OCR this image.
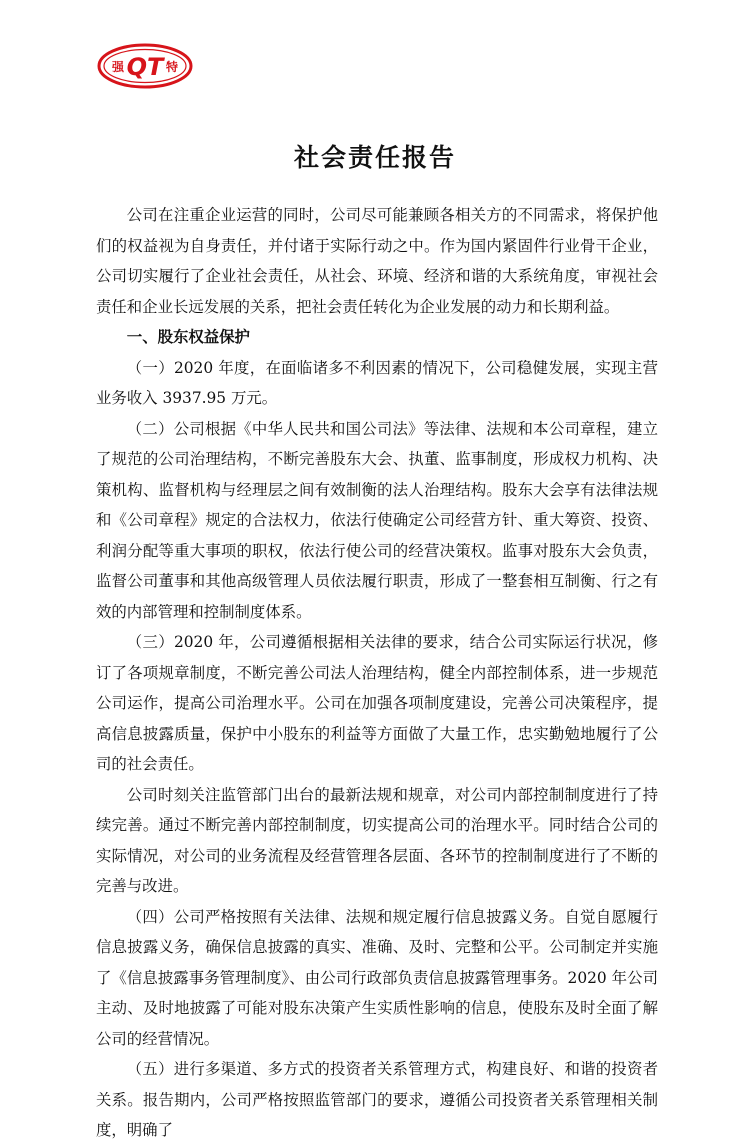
强 QT 特
社会责任报告

公司在注重企业运营的同时，公司尽可能兼顾各相关方的不同需求，将保护他们的权益视为自身责任，并付诸于实际行动之中。作为国内紧固件行业骨干企业，公司切实履行了企业社会责任，从社会、环境、经济和谐的大系统角度，审视社会责任和企业长远发展的关系，把社会责任转化为企业发展的动力和长期利益。

一、股东权益保护

（一）2020 年度，在面临诸多不利因素的情况下，公司稳健发展，实现主营业务收入 3937.95 万元。

（二）公司根据《中华人民共和国公司法》等法律、法规和本公司章程，建立了规范的公司治理结构，不断完善股东大会、执董、监事制度，形成权力机构、决策机构、监督机构与经理层之间有效制衡的法人治理结构。股东大会享有法律法规和《公司章程》规定的合法权力，依法行使确定公司经营方针、重大筹资、投资、利润分配等重大事项的职权，依法行使公司的经营决策权。监事对股东大会负责，监督公司董事和其他高级管理人员依法履行职责，形成了一整套相互制衡、行之有效的内部管理和控制制度体系。

（三）2020 年，公司遵循根据相关法律的要求，结合公司实际运行状况，修订了各项规章制度，不断完善公司法人治理结构，健全内部控制体系，进一步规范公司运作，提高公司治理水平。公司在加强各项制度建设，完善公司决策程序，提高信息披露质量，保护中小股东的利益等方面做了大量工作，忠实勤勉地履行了公司的社会责任。

公司时刻关注监管部门出台的最新法规和规章，对公司内部控制制度进行了持续完善。通过不断完善内部控制制度，切实提高公司的治理水平。同时结合公司的实际情况，对公司的业务流程及经营管理各层面、各环节的控制制度进行了不断的完善与改进。

（四）公司严格按照有关法律、法规和规定履行信息披露义务。自觉自愿履行信息披露义务，确保信息披露的真实、准确、及时、完整和公平。公司制定并实施了《信息披露事务管理制度》、由公司行政部负责信息披露管理事务。2020 年公司主动、及时地披露了可能对股东决策产生实质性影响的信息，使股东及时全面了解公司的经营情况。

（五）进行多渠道、多方式的投资者关系管理方式，构建良好、和谐的投资者关系。报告期内，公司严格按照监管部门的要求，遵循公司投资者关系管理相关制度，明确了
